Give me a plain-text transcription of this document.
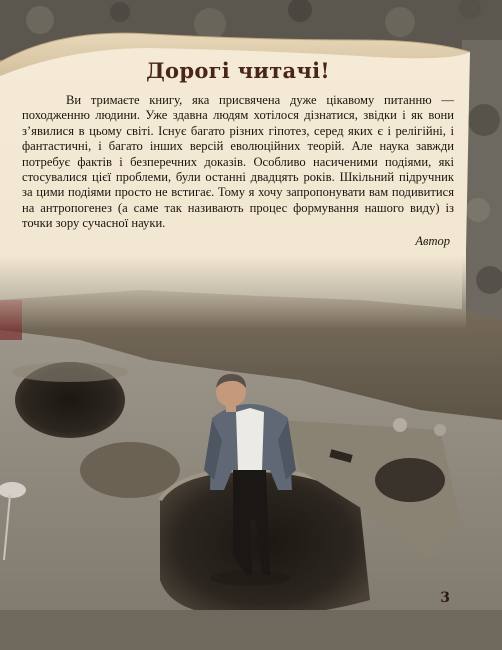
Дорогі читачі!

Ви тримаєте книгу, яка присвячена дуже цікавому питанню — походженню людини. Уже здавна людям хотілося дізнатися, звідки і як вони з’явилися в цьому світі. Існує багато різних гіпотез, серед яких є і релігійні, і фантастичні, і багато інших версій еволюційних теорій. Але наука завжди потребує фактів і безперечних доказів. Особливо насиченими подіями, які стосувалися цієї проблеми, були останні двадцять років. Шкільний підручник за цими подіями просто не встигає. Тому я хочу запропонувати вам подивитися на антропогенез (а саме так називають процес формування нашого виду) із точки зору сучасної науки.

Автор

3
